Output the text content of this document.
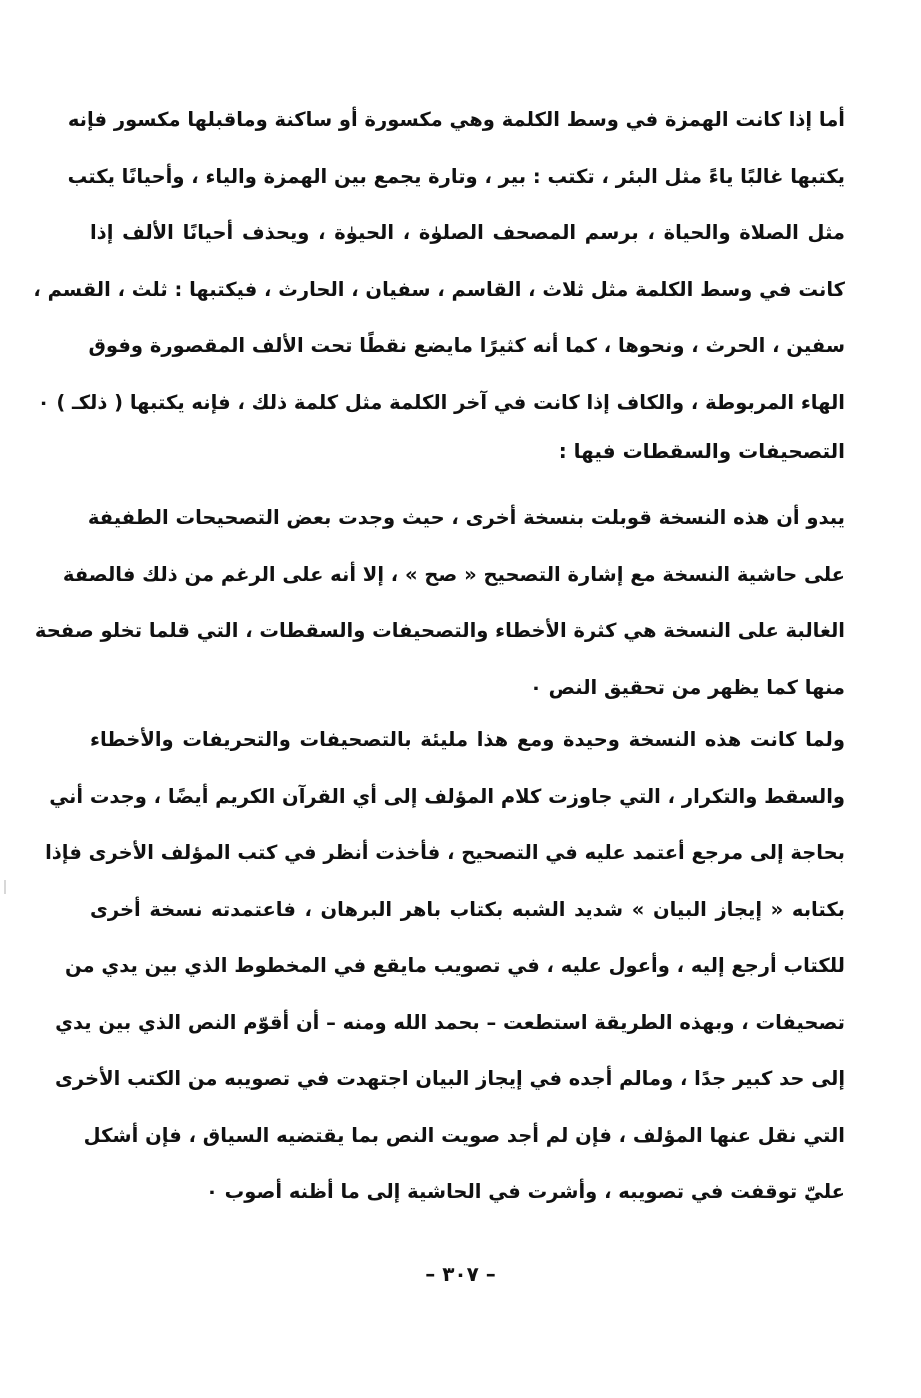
أما إذا كانت الهمزة في وسط الكلمة وهي مكسورة أو ساكنة وماقبلها مكسور فإنه
يكتبها غالبًا ياءً مثل البئر ، تكتب : بير ، وتارة يجمع بين الهمزة والياء ، وأحيانًا يكتب
مثل الصلاة والحياة ، برسم المصحف الصلوٰة ، الحيوٰة ، ويحذف أحيانًا الألف إذا
كانت في وسط الكلمة مثل ثلاث ، القاسم ، سفيان ، الحارث ، فيكتبها : ثلث ، القسم ،
سفين ، الحرث ، ونحوها ، كما أنه كثيرًا مايضع نقطًا تحت الألف المقصورة وفوق
الهاء المربوطة ، والكاف إذا كانت في آخر الكلمة مثل كلمة ذلك ، فإنه يكتبها ( ذلكـ ) ٠
التصحيفات والسقطات فيها :
يبدو أن هذه النسخة قوبلت بنسخة أخرى ، حيث وجدت بعض التصحيحات الطفيفة
على حاشية النسخة مع إشارة التصحيح « صح » ، إلا أنه على الرغم من ذلك فالصفة
الغالبة على النسخة هي كثرة الأخطاء والتصحيفات والسقطات ، التي قلما تخلو صفحة
منها كما يظهر من تحقيق النص ٠
ولما كانت هذه النسخة وحيدة ومع هذا مليئة بالتصحيفات والتحريفات والأخطاء
والسقط والتكرار ، التي جاوزت كلام المؤلف إلى أي القرآن الكريم أيضًا ، وجدت أني
بحاجة إلى مرجع أعتمد عليه في التصحيح ، فأخذت أنظر في كتب المؤلف الأخرى فإذا
بكتابه « إيجاز البيان » شديد الشبه بكتاب باهر البرهان ، فاعتمدته نسخة أخرى
للكتاب أرجع إليه ، وأعول عليه ، في تصويب مايقع في المخطوط الذي بين يدي من
تصحيفات ، وبهذه الطريقة استطعت – بحمد الله ومنه – أن أقوّم النص الذي بين يدي
إلى حد كبير جدًا ، ومالم أجده في إيجاز البيان اجتهدت في تصويبه من الكتب الأخرى
التي نقل عنها المؤلف ، فإن لم أجد صويت النص بما يقتضيه السياق ، فإن أشكل
عليّ توقفت في تصويبه ، وأشرت في الحاشية إلى ما أظنه أصوب ٠
– ٣٠٧ –
